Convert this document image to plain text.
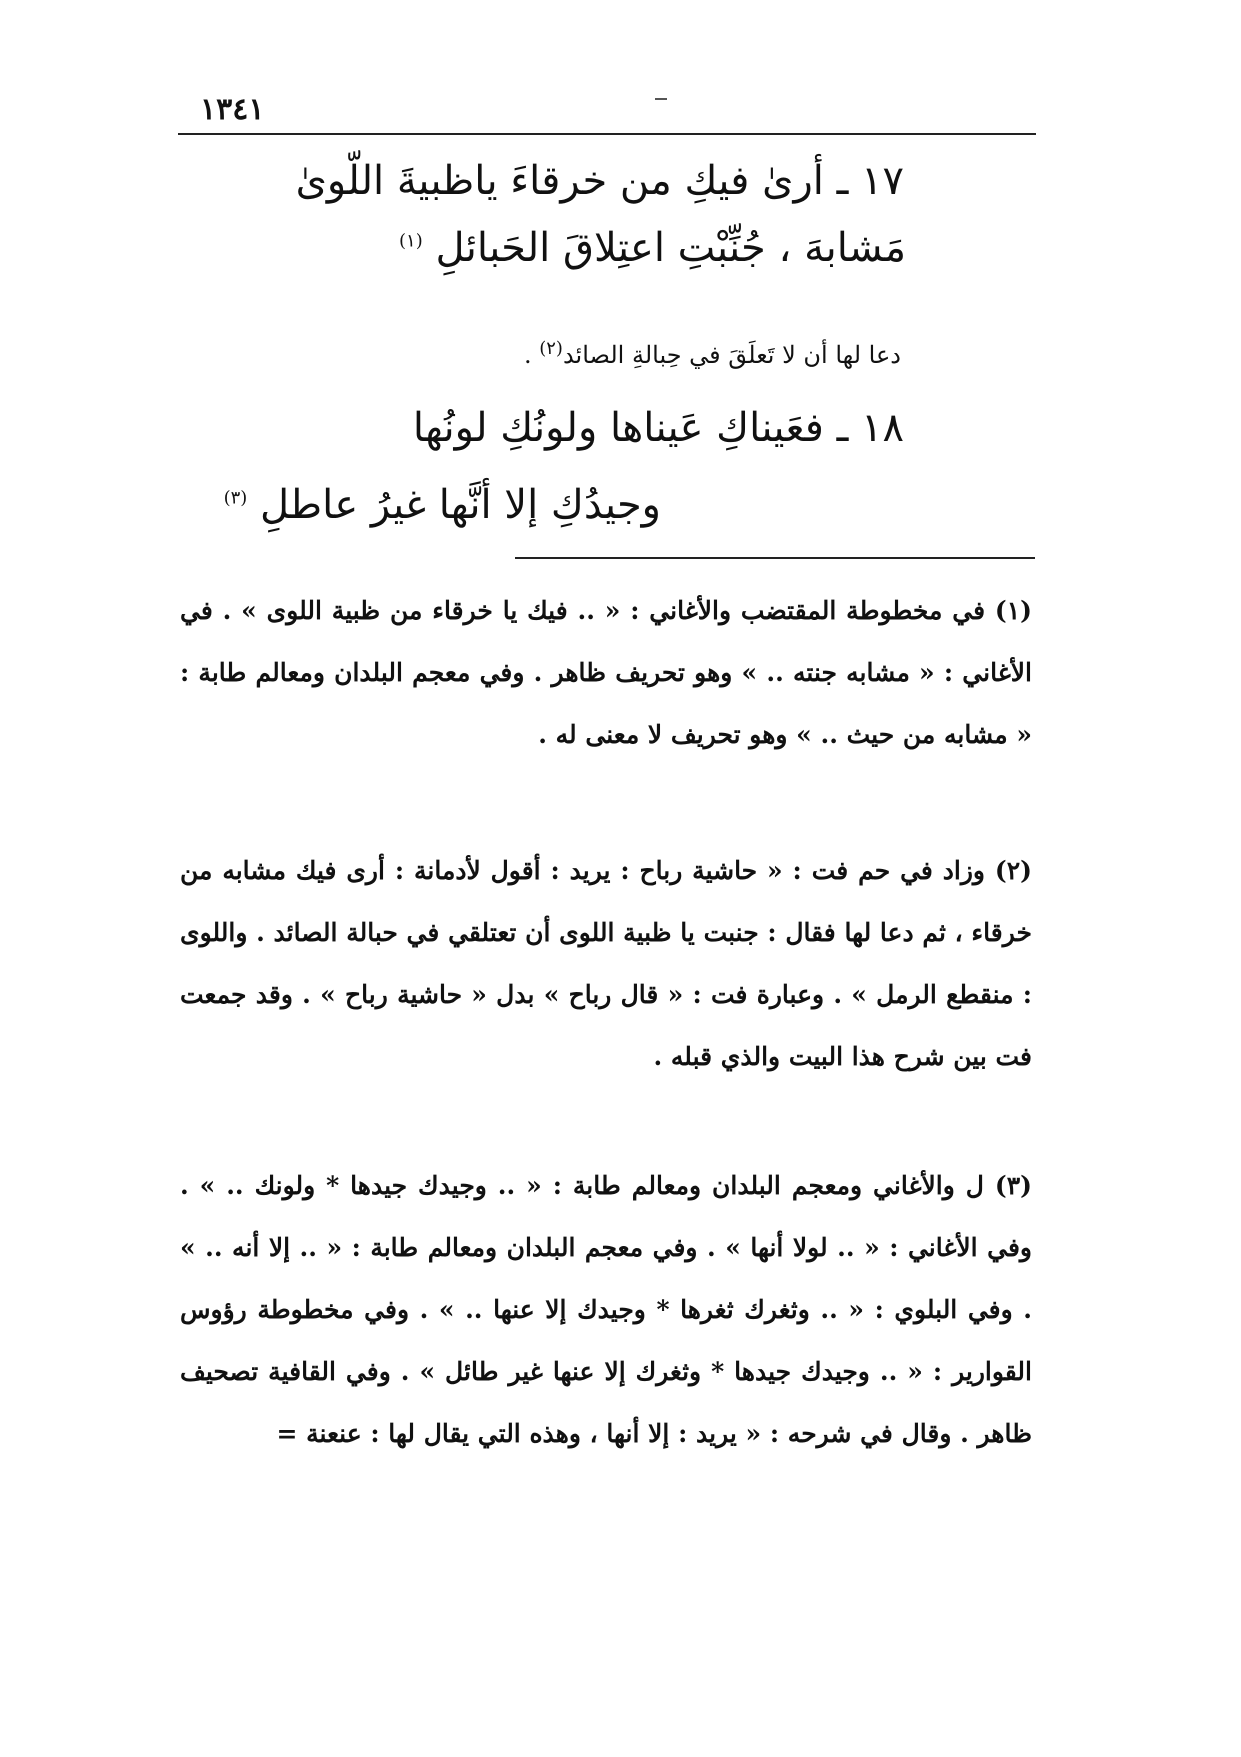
١٣٤١
١٧ ـ أرىٰ فيكِ من خرقاءَ ياظبيةَ اللّوىٰ
مَشابهَ ، جُنِّبْتِ اعتِلاقَ الحَبائلِ $^{(١)}$
دعا لها أن لا تَعلَقَ في حِبالةِ الصائد$^{(٢)}$ .
١٨ ـ فعَيناكِ عَيناها ولونُكِ لونُها
وجيدُكِ إلا أنَّها غيرُ عاطلِ $^{(٣)}$

(١) في مخطوطة المقتضب والأغاني : « .. فيك يا خرقاء من ظبية اللوى » . في الأغاني : « مشابه جنته .. » وهو تحريف ظاهر . وفي معجم البلدان ومعالم طابة : « مشابه من حيث .. » وهو تحريف لا معنى له .

(٢) وزاد في حم فت : « حاشية رباح : يريد : أقول لأدمانة : أرى فيك مشابه من خرقاء ، ثم دعا لها فقال : جنبت يا ظبية اللوى أن تعتلقي في حبالة الصائد . واللوى : منقطع الرمل » . وعبارة فت : « قال رباح » بدل « حاشية رباح » . وقد جمعت فت بين شرح هذا البيت والذي قبله .

(٣) ل والأغاني ومعجم البلدان ومعالم طابة : « .. وجيدك جيدها * ولونك .. » . وفي الأغاني : « .. لولا أنها » . وفي معجم البلدان ومعالم طابة : « .. إلا أنه .. » . وفي البلوي : « .. وثغرك ثغرها * وجيدك إلا عنها .. » . وفي مخطوطة رؤوس القوارير : « .. وجيدك جيدها * وثغرك إلا عنها غير طائل » . وفي القافية تصحيف ظاهر . وقال في شرحه : « يريد : إلا أنها ، وهذه التي يقال لها : عنعنة =
